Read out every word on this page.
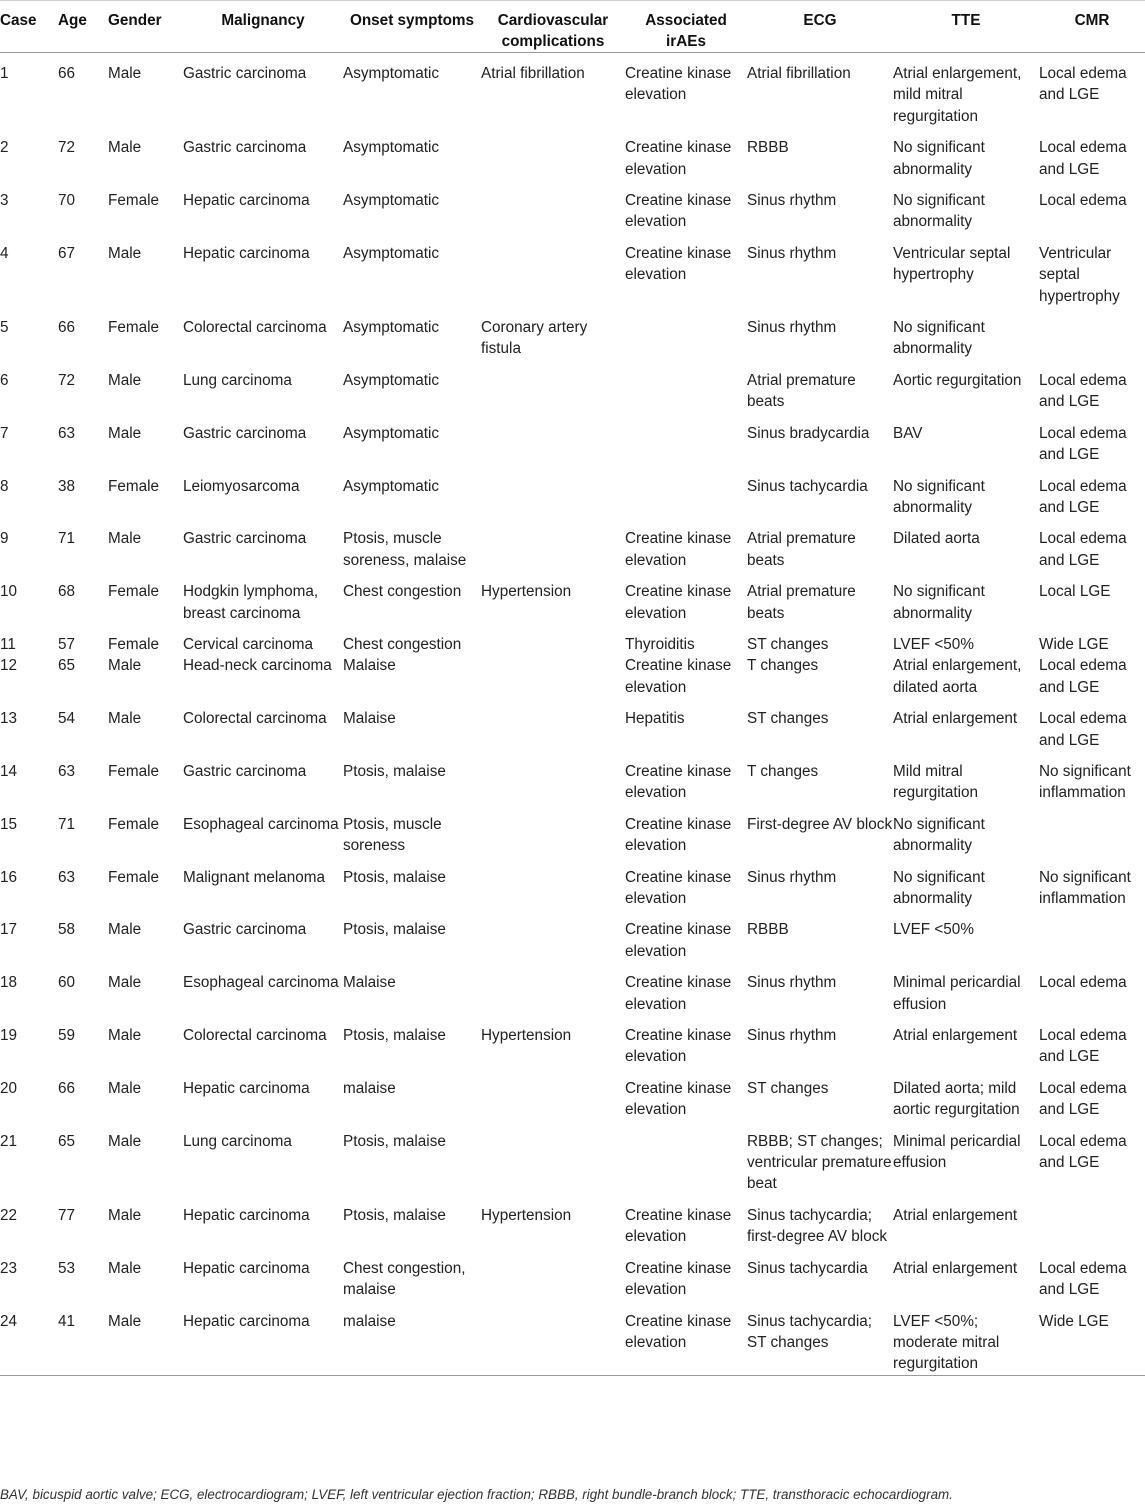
Case	Age	Gender	Malignancy	Onset symptoms	Cardiovascular complications	Associated irAEs	ECG	TTE	CMR
1	66	Male	Gastric carcinoma	Asymptomatic	Atrial fibrillation	Creatine kinase elevation	Atrial fibrillation	Atrial enlargement, mild mitral regurgitation	Local edema and LGE
2	72	Male	Gastric carcinoma	Asymptomatic		Creatine kinase elevation	RBBB	No significant abnormality	Local edema and LGE
3	70	Female	Hepatic carcinoma	Asymptomatic		Creatine kinase elevation	Sinus rhythm	No significant abnormality	Local edema
4	67	Male	Hepatic carcinoma	Asymptomatic		Creatine kinase elevation	Sinus rhythm	Ventricular septal hypertrophy	Ventricular septal hypertrophy
5	66	Female	Colorectal carcinoma	Asymptomatic	Coronary artery fistula		Sinus rhythm	No significant abnormality	
6	72	Male	Lung carcinoma	Asymptomatic			Atrial premature beats	Aortic regurgitation	Local edema and LGE
7	63	Male	Gastric carcinoma	Asymptomatic			Sinus bradycardia	BAV	Local edema and LGE
8	38	Female	Leiomyosarcoma	Asymptomatic			Sinus tachycardia	No significant abnormality	Local edema and LGE
9	71	Male	Gastric carcinoma	Ptosis, muscle soreness, malaise		Creatine kinase elevation	Atrial premature beats	Dilated aorta	Local edema and LGE
10	68	Female	Hodgkin lymphoma, breast carcinoma	Chest congestion	Hypertension	Creatine kinase elevation	Atrial premature beats	No significant abnormality	Local LGE
11	57	Female	Cervical carcinoma	Chest congestion		Thyroiditis	ST changes	LVEF <50%	Wide LGE
12	65	Male	Head-neck carcinoma	Malaise		Creatine kinase elevation	T changes	Atrial enlargement, dilated aorta	Local edema and LGE
13	54	Male	Colorectal carcinoma	Malaise		Hepatitis	ST changes	Atrial enlargement	Local edema and LGE
14	63	Female	Gastric carcinoma	Ptosis, malaise		Creatine kinase elevation	T changes	Mild mitral regurgitation	No significant inflammation
15	71	Female	Esophageal carcinoma	Ptosis, muscle soreness		Creatine kinase elevation	First-degree AV block	No significant abnormality	
16	63	Female	Malignant melanoma	Ptosis, malaise		Creatine kinase elevation	Sinus rhythm	No significant abnormality	No significant inflammation
17	58	Male	Gastric carcinoma	Ptosis, malaise		Creatine kinase elevation	RBBB	LVEF <50%	
18	60	Male	Esophageal carcinoma	Malaise		Creatine kinase elevation	Sinus rhythm	Minimal pericardial effusion	Local edema
19	59	Male	Colorectal carcinoma	Ptosis, malaise	Hypertension	Creatine kinase elevation	Sinus rhythm	Atrial enlargement	Local edema and LGE
20	66	Male	Hepatic carcinoma	malaise		Creatine kinase elevation	ST changes	Dilated aorta; mild aortic regurgitation	Local edema and LGE
21	65	Male	Lung carcinoma	Ptosis, malaise			RBBB; ST changes; ventricular premature beat	Minimal pericardial effusion	Local edema and LGE
22	77	Male	Hepatic carcinoma	Ptosis, malaise	Hypertension	Creatine kinase elevation	Sinus tachycardia; first-degree AV block	Atrial enlargement	
23	53	Male	Hepatic carcinoma	Chest congestion, malaise		Creatine kinase elevation	Sinus tachycardia	Atrial enlargement	Local edema and LGE
24	41	Male	Hepatic carcinoma	malaise		Creatine kinase elevation	Sinus tachycardia; ST changes	LVEF <50%; moderate mitral regurgitation	Wide LGE
BAV, bicuspid aortic valve; ECG, electrocardiogram; LVEF, left ventricular ejection fraction; RBBB, right bundle-branch block; TTE, transthoracic echocardiogram.
